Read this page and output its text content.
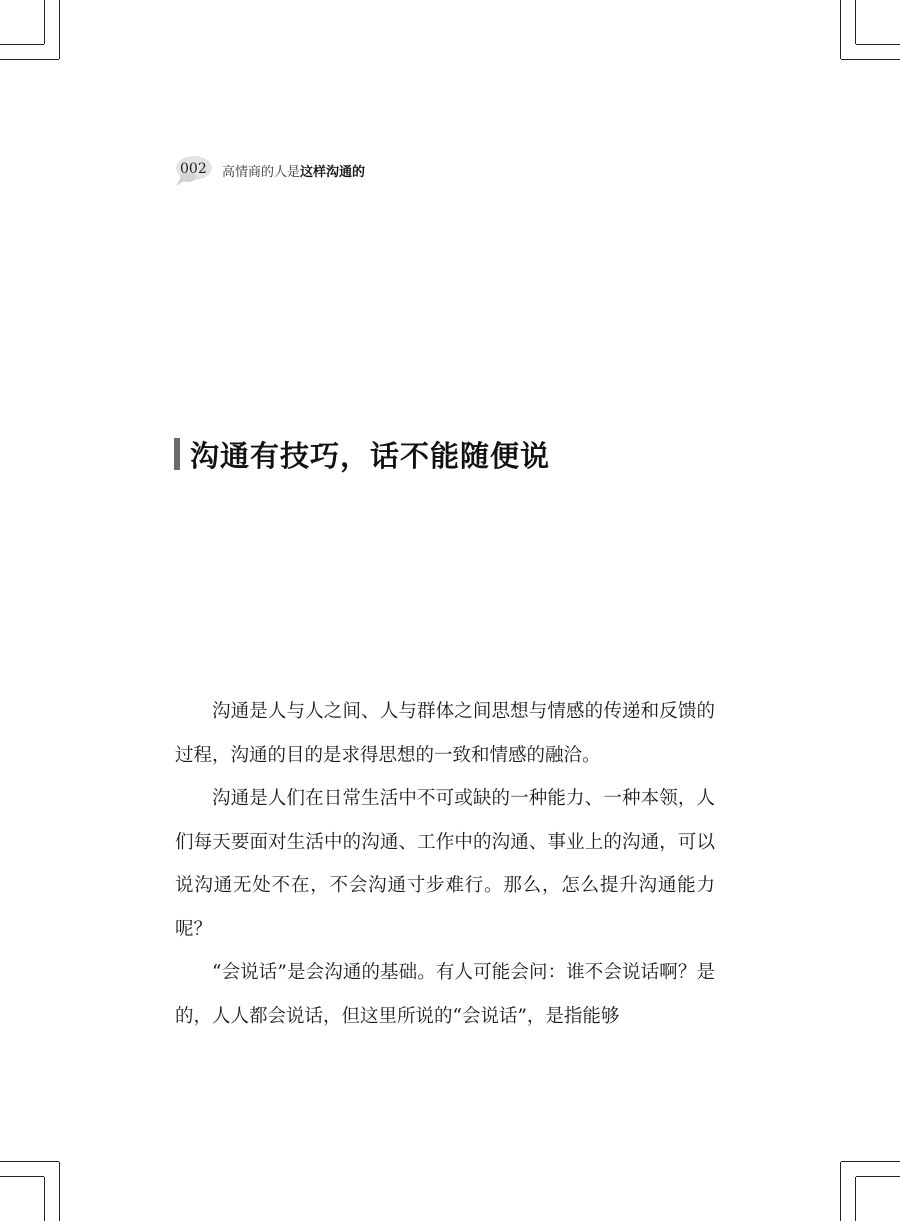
002 高情商的人是这样沟通的
沟通有技巧，话不能随便说

沟通是人与人之间、人与群体之间思想与情感的传递和反馈的过程，沟通的目的是求得思想的一致和情感的融洽。

沟通是人们在日常生活中不可或缺的一种能力、一种本领，人们每天要面对生活中的沟通、工作中的沟通、事业上的沟通，可以说沟通无处不在，不会沟通寸步难行。那么，怎么提升沟通能力呢？

“会说话”是会沟通的基础。有人可能会问：谁不会说话啊？是的，人人都会说话，但这里所说的“会说话”，是指能够
